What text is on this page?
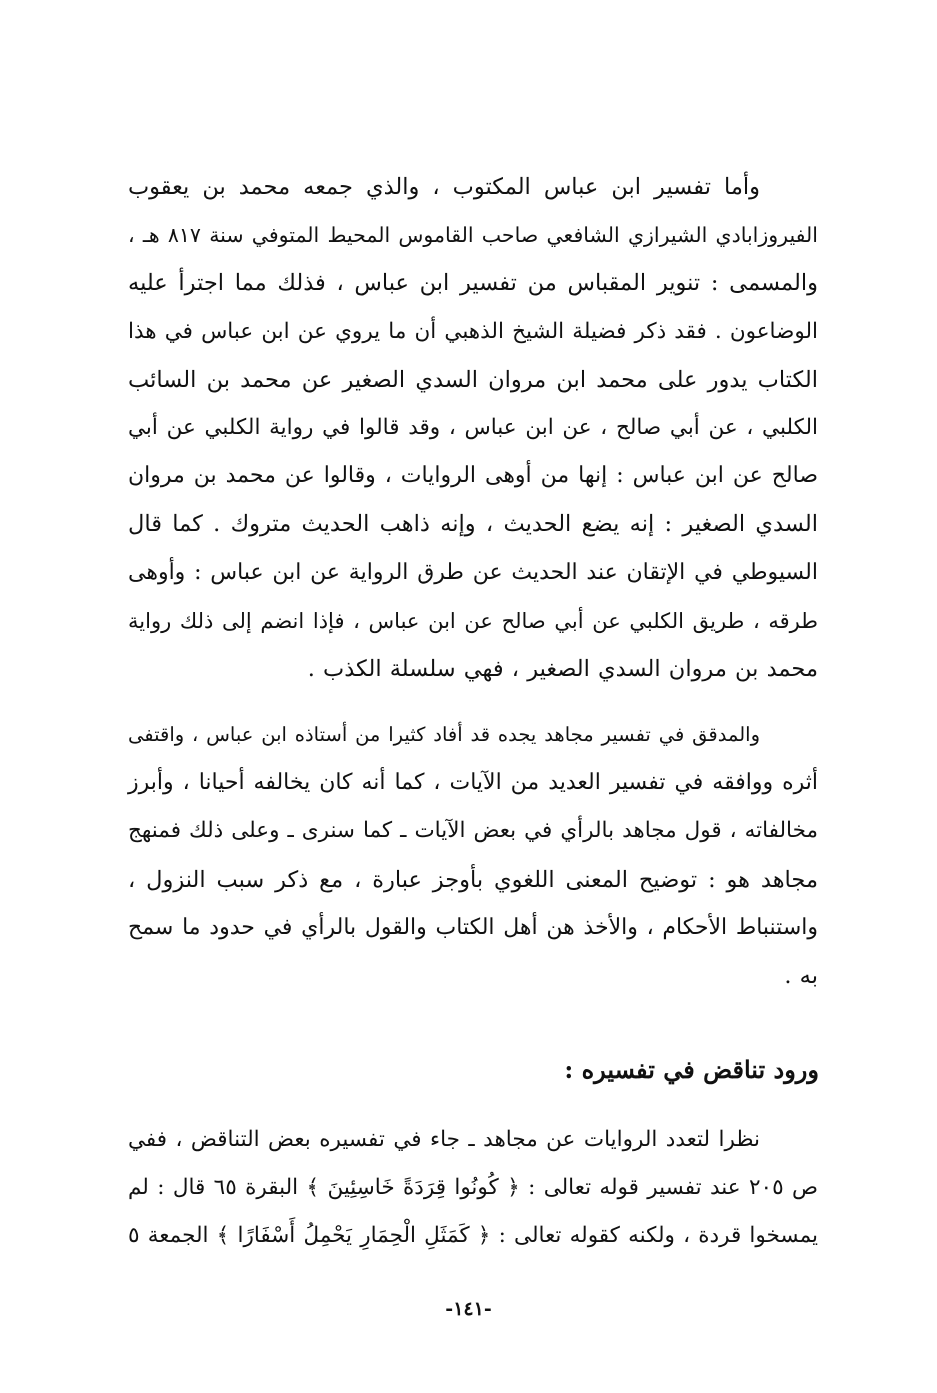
وأما تفسير ابن عباس المكتوب ، والذي جمعه محمد بن يعقوب
الفيروزابادي الشيرازي الشافعي صاحب القاموس المحيط المتوفي سنة ٨١٧ هـ ،
والمسمى : تنوير المقباس من تفسير ابن عباس ، فذلك مما اجترأ عليه
الوضاعون . فقد ذكر فضيلة الشيخ الذهبي أن ما يروي عن ابن عباس في هذا
الكتاب يدور على محمد ابن مروان السدي الصغير عن محمد بن السائب
الكلبي ، عن أبي صالح ، عن ابن عباس ، وقد قالوا في رواية الكلبي عن أبي
صالح عن ابن عباس : إنها من أوهى الروايات ، وقالوا عن محمد بن مروان
السدي الصغير : إنه يضع الحديث ، وإنه ذاهب الحديث متروك . كما قال
السيوطي في الإتقان عند الحديث عن طرق الرواية عن ابن عباس : وأوهى
طرقه ، طريق الكلبي عن أبي صالح عن ابن عباس ، فإذا انضم إلى ذلك رواية
محمد بن مروان السدي الصغير ، فهي سلسلة الكذب .
والمدقق في تفسير مجاهد يجده قد أفاد كثيرا من أستاذه ابن عباس ، واقتفى
أثره ووافقه في تفسير العديد من الآيات ، كما أنه كان يخالفه أحيانا ، وأبرز
مخالفاته ، قول مجاهد بالرأي في بعض الآيات ـ كما سنرى ـ وعلى ذلك فمنهج
مجاهد هو : توضيح المعنى اللغوي بأوجز عبارة ، مع ذكر سبب النزول ،
واستنباط الأحكام ، والأخذ هن أهل الكتاب والقول بالرأي في حدود ما سمح
به .
ورود تناقض في تفسيره :
نظرا لتعدد الروايات عن مجاهد ـ جاء في تفسيره بعض التناقض ، ففي
ص ٢٠٥ عند تفسير قوله تعالى : ﴿ كُونُوا قِرَدَةً خَاسِئِينَ ﴾ البقرة ٦٥ قال : لم
يمسخوا قردة ، ولكنه كقوله تعالى : ﴿ كَمَثَلِ الْحِمَارِ يَحْمِلُ أَسْفَارًا ﴾ الجمعة ٥
-١٤١-
